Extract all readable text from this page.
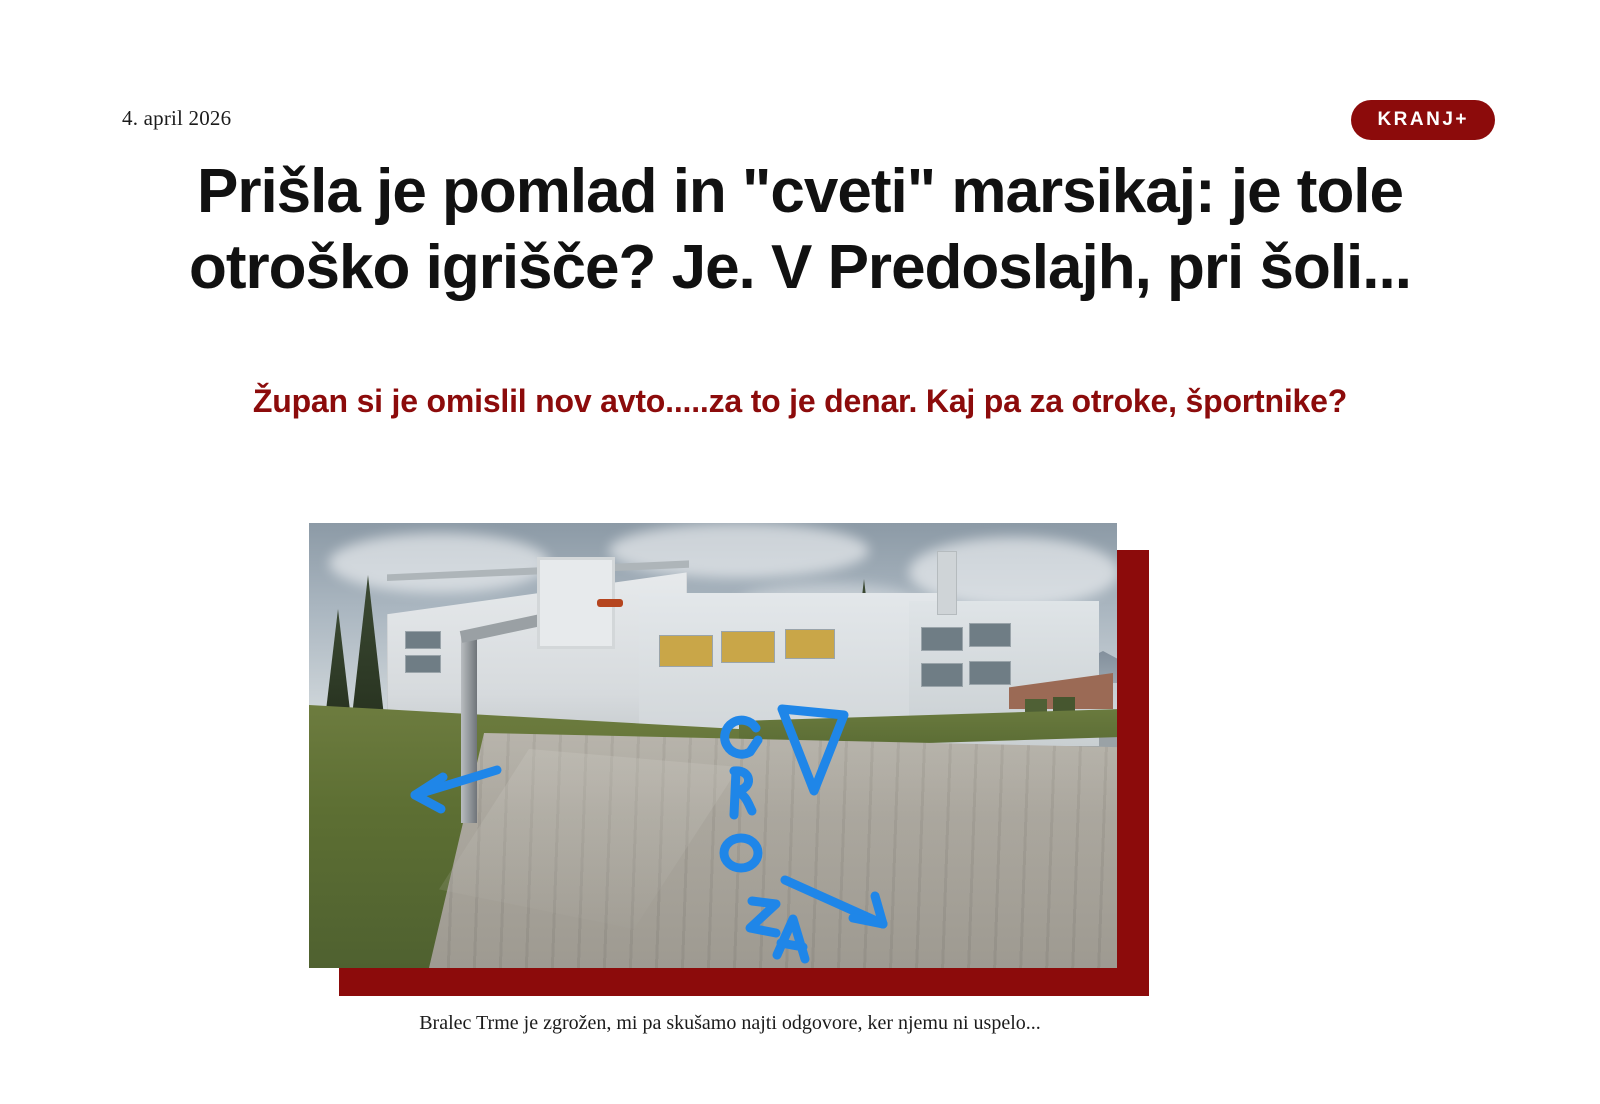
4. april 2026	KRANJ+
Prišla je pomlad in "cveti" marsikaj: je tole otroško igrišče? Je. V Predoslajh, pri šoli...
Župan si je omislil nov avto.....za to je denar. Kaj pa za otroke, športnike?
Bralec Trme je zgrožen, mi pa skušamo najti odgovore, ker njemu ni uspelo...
